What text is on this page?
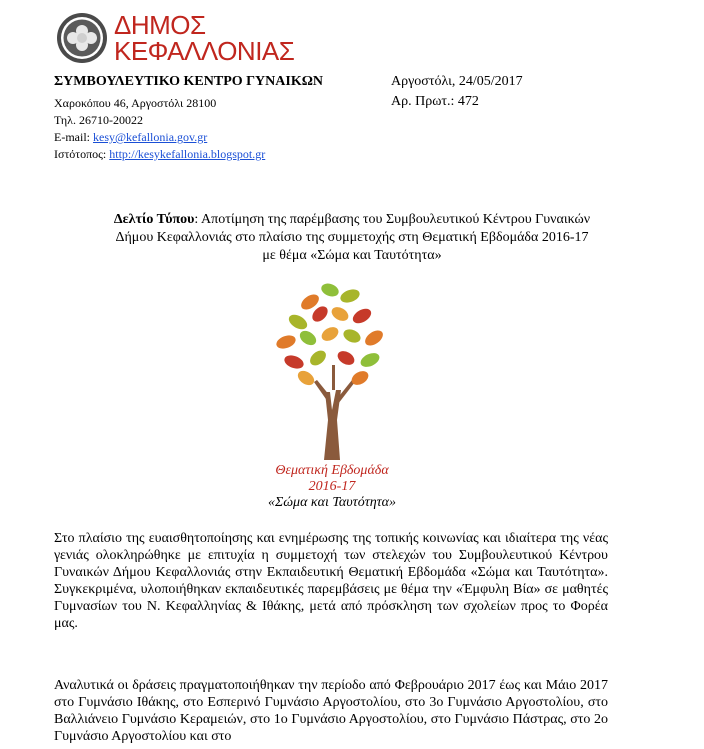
ΔΗΜΟΣ
ΚΕΦΑΛΛΟΝΙΑΣ
ΣΥΜΒΟΥΛΕΥΤΙΚΟ ΚΕΝΤΡΟ ΓΥΝΑΙΚΩΝ
Χαροκόπου 46, Αργοστόλι 28100
Τηλ. 26710-20022
E-mail: kesy@kefallonia.gov.gr
Ιστότοπος: http://kesykefallonia.blogspot.gr
Αργοστόλι, 24/05/2017
Αρ. Πρωτ.: 472
Δελτίο Τύπου: Αποτίμηση της παρέμβασης του Συμβουλευτικού Κέντρου Γυναικών
Δήμου Κεφαλλονιάς στο πλαίσιο της συμμετοχής στη Θεματική Εβδομάδα 2016-17
με θέμα «Σώμα και Ταυτότητα»
Θεματική Εβδομάδα
2016-17
«Σώμα και Ταυτότητα»

Στο πλαίσιο της ευαισθητοποίησης και ενημέρωσης της τοπικής κοινωνίας και ιδιαίτερα της νέας γενιάς ολοκληρώθηκε με επιτυχία η συμμετοχή των στελεχών του Συμβουλευτικού Κέντρου Γυναικών Δήμου Κεφαλλονιάς στην Εκπαιδευτική Θεματική Εβδομάδα «Σώμα και Ταυτότητα». Συγκεκριμένα, υλοποιήθηκαν εκπαιδευτικές παρεμβάσεις με θέμα την «Έμφυλη Βία» σε μαθητές Γυμνασίων του Ν. Κεφαλληνίας & Ιθάκης, μετά από πρόσκληση των σχολείων προς το Φορέα μας.

Αναλυτικά οι δράσεις πραγματοποιήθηκαν την περίοδο από Φεβρουάριο 2017 έως και Μάιο 2017 στο Γυμνάσιο Ιθάκης, στο Εσπερινό Γυμνάσιο Αργοστολίου, στο 3ο Γυμνάσιο Αργοστολίου, στο Βαλλιάνειο Γυμνάσιο Κεραμειών, στο 1ο Γυμνάσιο Αργοστολίου, στο Γυμνάσιο Πάστρας, στο 2ο Γυμνάσιο Αργοστολίου και στο
